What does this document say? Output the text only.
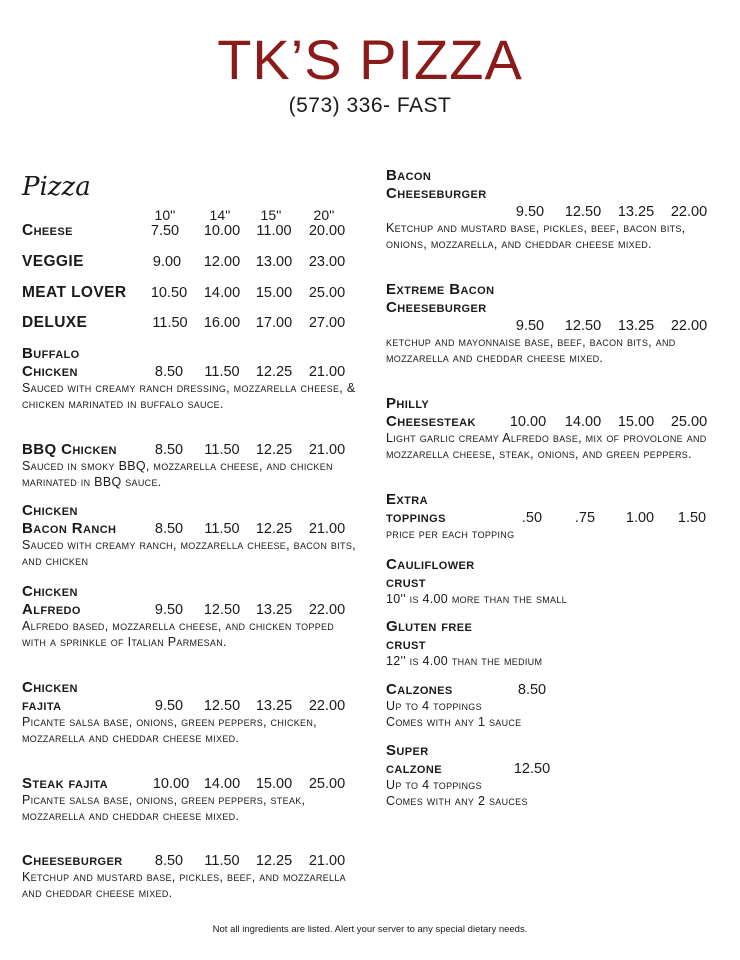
TK’S PIZZA
(573) 336- FAST
Pizza
10''	14''	15''	20''
Cheese	7.50	10.00	11.00	20.00
VEGGIE	9.00	12.00	13.00	23.00
MEAT LOVER	10.50	14.00	15.00	25.00
DELUXE	11.50	16.00	17.00	27.00
Buffalo
Chicken	8.50	11.50	12.25	21.00
Sauced with creamy ranch dressing, mozzarella cheese, & chicken marinated in buffalo sauce.
BBQ Chicken	8.50	11.50	12.25	21.00
Sauced in smoky BBQ, mozzarella cheese, and chicken marinated in BBQ sauce.
Chicken
Bacon Ranch	8.50	11.50	12.25	21.00
Sauced with creamy ranch, mozzarella cheese, bacon bits, and chicken
Chicken
Alfredo	9.50	12.50	13.25	22.00
Alfredo based, mozzarella cheese, and chicken topped with a sprinkle of Italian Parmesan.
Chicken
fajita	9.50	12.50	13.25	22.00
Picante salsa base, onions, green peppers, chicken, mozzarella and cheddar cheese mixed.
Steak fajita	10.00	14.00	15.00	25.00
Picante salsa base, onions, green peppers, steak, mozzarella and cheddar cheese mixed.
Cheeseburger	8.50	11.50	12.25	21.00
Ketchup and mustard base, pickles, beef, and mozzarella and cheddar cheese mixed.
Bacon
Cheeseburger
9.50	12.50	13.25	22.00
Ketchup and mustard base, pickles, beef, bacon bits, onions, mozzarella, and cheddar cheese mixed.
Extreme Bacon
Cheeseburger
9.50	12.50	13.25	22.00
ketchup and mayonnaise base, beef, bacon bits, and mozzarella and cheddar cheese mixed.
Philly
Cheesesteak	10.00	14.00	15.00	25.00
Light garlic creamy Alfredo base, mix of provolone and mozzarella cheese, steak, onions, and green peppers.
Extra
toppings	.50	.75	1.00	1.50
price per each topping
Cauliflower
crust
10'' is 4.00 more than the small
Gluten free
crust
12'' is 4.00 than the medium
Calzones	8.50
Up to 4 toppings
Comes with any 1 sauce
Super
calzone	12.50
Up to 4 toppings
Comes with any 2 sauces
Not all ingredients are listed. Alert your server to any special dietary needs.
